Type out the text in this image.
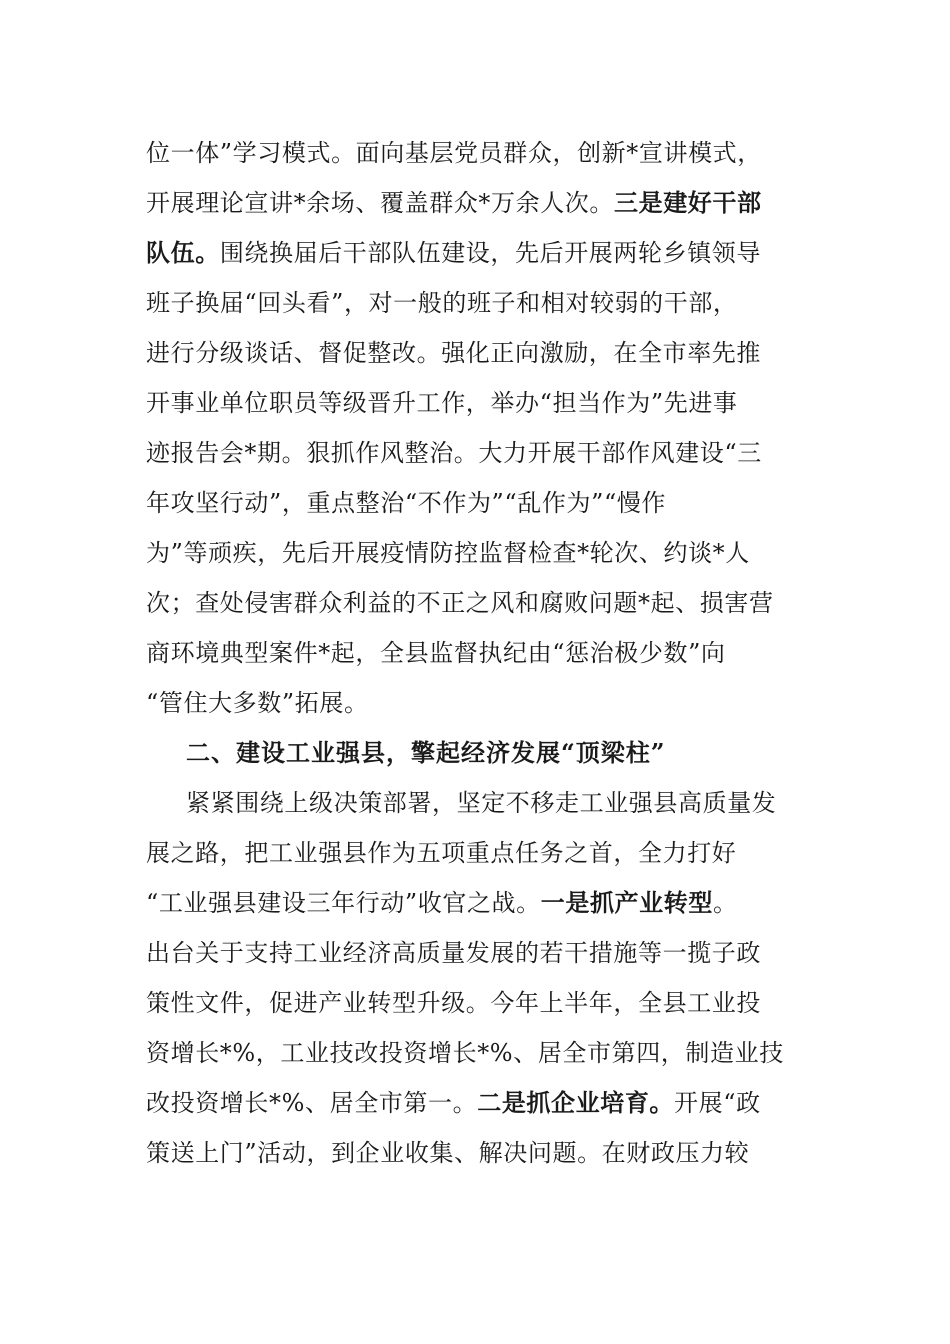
位一体”学习模式。面向基层党员群众，创新*宣讲模式，
开展理论宣讲*余场、覆盖群众*万余人次。三是建好干部
队伍。围绕换届后干部队伍建设，先后开展两轮乡镇领导
班子换届“回头看”，对一般的班子和相对较弱的干部，
进行分级谈话、督促整改。强化正向激励，在全市率先推
开事业单位职员等级晋升工作，举办“担当作为”先进事
迹报告会*期。狠抓作风整治。大力开展干部作风建设“三
年攻坚行动”，重点整治“不作为”“乱作为”“慢作
为”等顽疾，先后开展疫情防控监督检查*轮次、约谈*人
次；查处侵害群众利益的不正之风和腐败问题*起、损害营
商环境典型案件*起，全县监督执纪由“惩治极少数”向
“管住大多数”拓展。
二、建设工业强县，擎起经济发展“顶梁柱”
紧紧围绕上级决策部署，坚定不移走工业强县高质量发
展之路，把工业强县作为五项重点任务之首，全力打好
“工业强县建设三年行动”收官之战。一是抓产业转型。
出台关于支持工业经济高质量发展的若干措施等一揽子政
策性文件，促进产业转型升级。今年上半年，全县工业投
资增长*%，工业技改投资增长*%、居全市第四，制造业技
改投资增长*%、居全市第一。二是抓企业培育。开展“政
策送上门”活动，到企业收集、解决问题。在财政压力较
